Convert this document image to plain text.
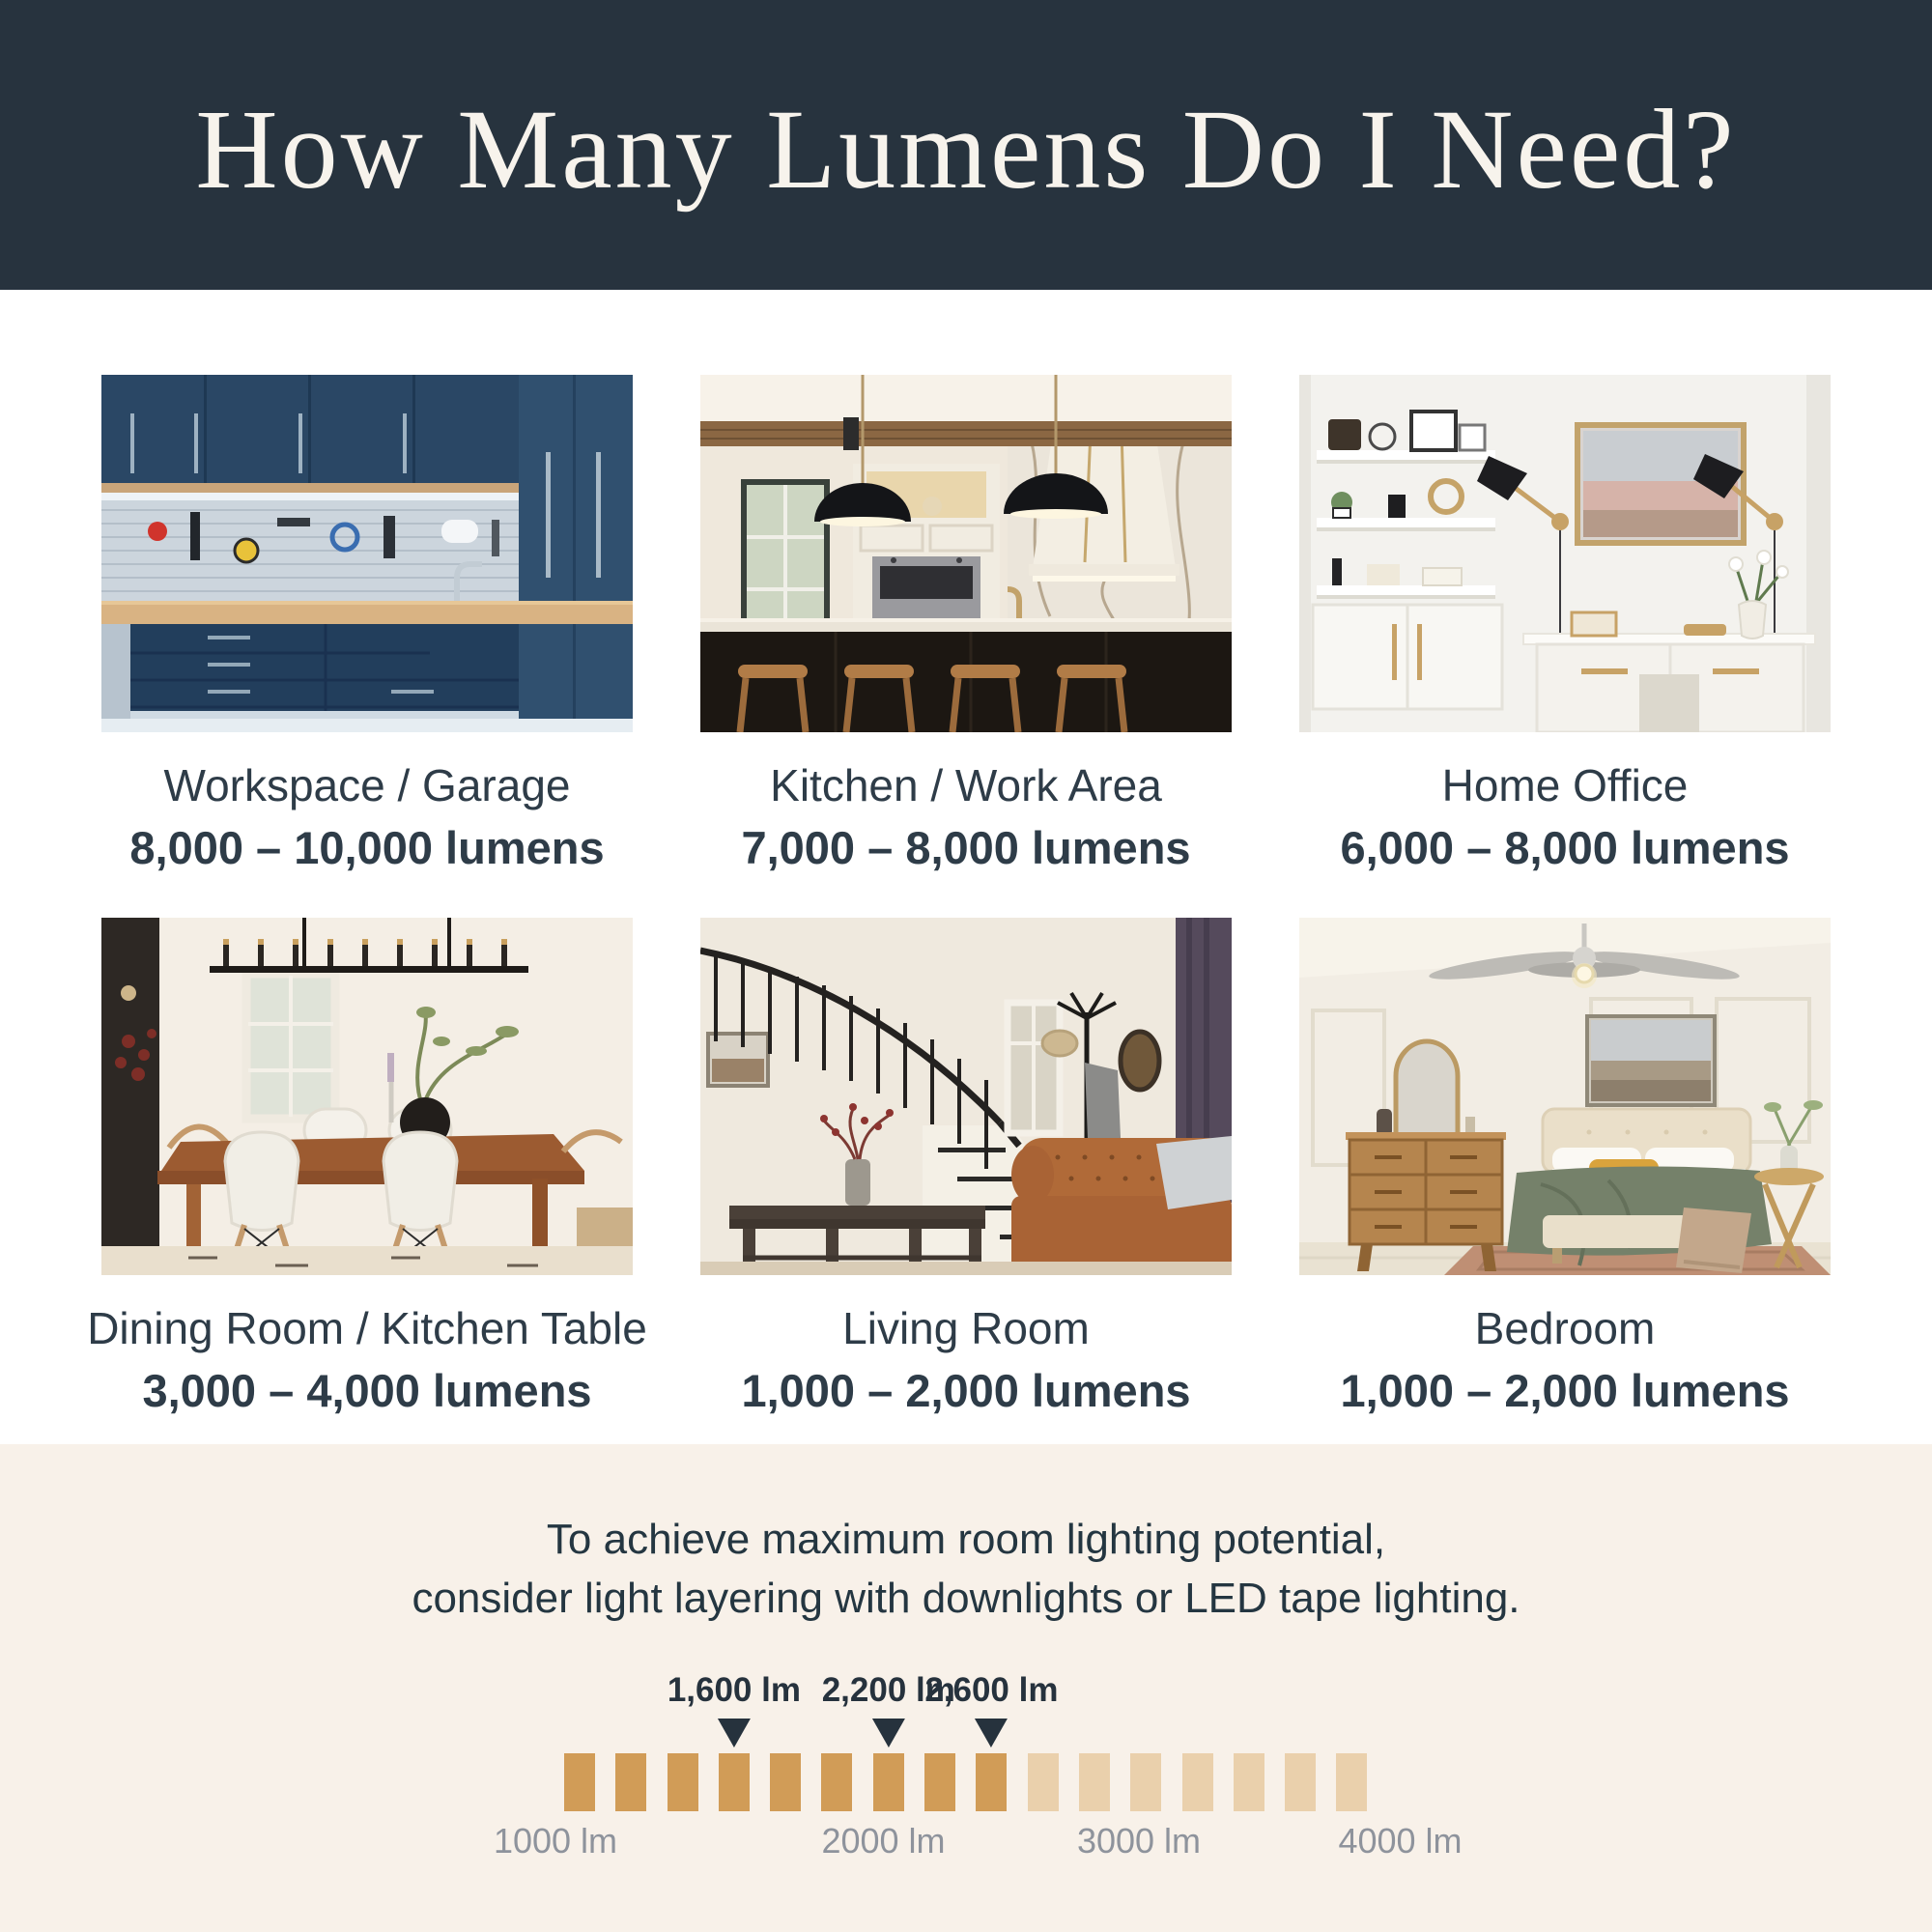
How Many Lumens Do I Need?
Workspace / Garage
8,000 – 10,000 lumens
Kitchen / Work Area
7,000 – 8,000 lumens
Home Office
6,000 – 8,000 lumens
Dining Room / Kitchen Table
3,000 – 4,000 lumens
Living Room
1,000 – 2,000 lumens
Bedroom
1,000 – 2,000 lumens
To achieve maximum room lighting potential,
consider light layering with downlights or LED tape lighting.
1,600 lm 2,200 lm
2,600 lm
1000 lm	2000 lm	3000 lm	4000 lm
